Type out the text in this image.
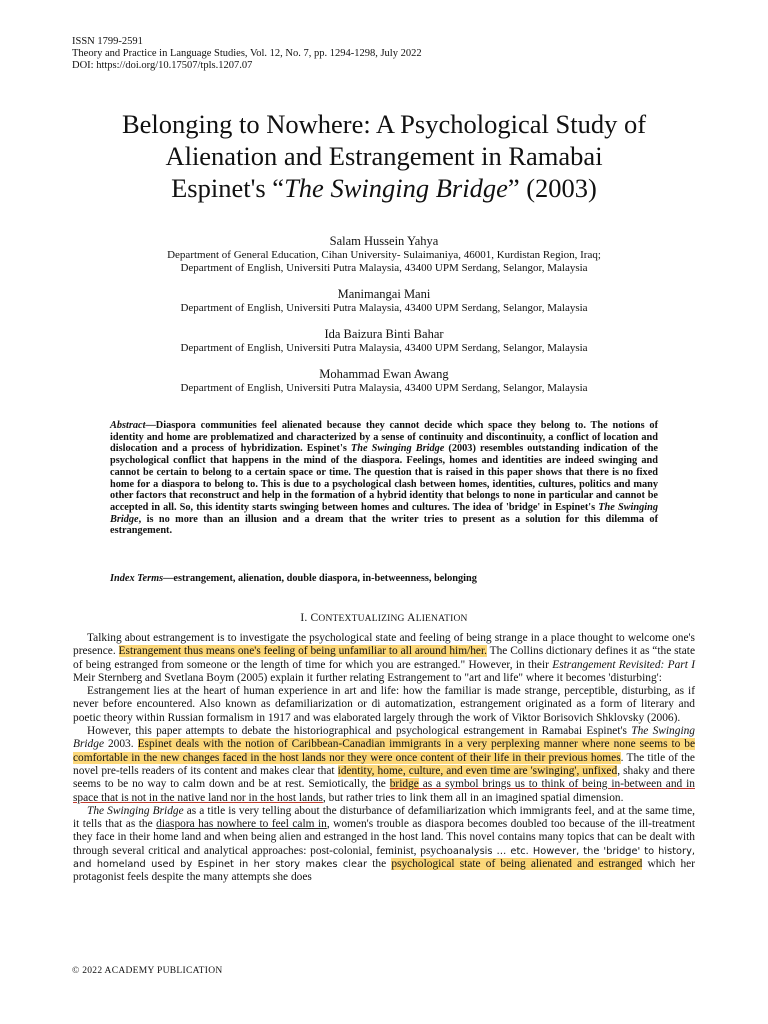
ISSN 1799-2591
Theory and Practice in Language Studies, Vol. 12, No. 7, pp. 1294-1298, July 2022
DOI: https://doi.org/10.17507/tpls.1207.07
Belonging to Nowhere: A Psychological Study of
Alienation and Estrangement in Ramabai
Espinet's “The Swinging Bridge” (2003)
Salam Hussein Yahya
Department of General Education, Cihan University- Sulaimaniya, 46001, Kurdistan Region, Iraq;
Department of English, Universiti Putra Malaysia, 43400 UPM Serdang, Selangor, Malaysia
Manimangai Mani
Department of English, Universiti Putra Malaysia, 43400 UPM Serdang, Selangor, Malaysia
Ida Baizura Binti Bahar
Department of English, Universiti Putra Malaysia, 43400 UPM Serdang, Selangor, Malaysia
Mohammad Ewan Awang
Department of English, Universiti Putra Malaysia, 43400 UPM Serdang, Selangor, Malaysia
Abstract—Diaspora communities feel alienated because they cannot decide which space they belong to. The notions of identity and home are problematized and characterized by a sense of continuity and discontinuity, a conflict of location and dislocation and a process of hybridization. Espinet's The Swinging Bridge (2003) resembles outstanding indication of the psychological conflict that happens in the mind of the diaspora. Feelings, homes and identities are indeed swinging and cannot be certain to belong to a certain space or time. The question that is raised in this paper shows that there is no fixed home for a diaspora to belong to. This is due to a psychological clash between homes, identities, cultures, politics and many other factors that reconstruct and help in the formation of a hybrid identity that belongs to none in particular and cannot be accepted in all. So, this identity starts swinging between homes and cultures. The idea of 'bridge' in Espinet's The Swinging Bridge, is no more than an illusion and a dream that the writer tries to present as a solution for this dilemma of estrangement.
Index Terms—estrangement, alienation, double diaspora, in-betweenness, belonging
I. CONTEXTUALIZING ALIENATION

Talking about estrangement is to investigate the psychological state and feeling of being strange in a place thought to welcome one's presence. Estrangement thus means one's feeling of being unfamiliar to all around him/her. The Collins dictionary defines it as “the state of being estranged from someone or the length of time for which you are estranged." However, in their Estrangement Revisited: Part I Meir Sternberg and Svetlana Boym (2005) explain it further relating Estrangement to "art and life" where it becomes 'disturbing':

Estrangement lies at the heart of human experience in art and life: how the familiar is made strange, perceptible, disturbing, as if never before encountered. Also known as defamiliarization or di automatization, estrangement originated as a form of literary and poetic theory within Russian formalism in 1917 and was elaborated largely through the work of Viktor Borisovich Shklovsky (2006).

However, this paper attempts to debate the historiographical and psychological estrangement in Ramabai Espinet's The Swinging Bridge 2003. Espinet deals with the notion of Caribbean-Canadian immigrants in a very perplexing manner where none seems to be comfortable in the new changes faced in the host lands nor they were once content of their life in their previous homes. The title of the novel pre-tells readers of its content and makes clear that identity, home, culture, and even time are 'swinging', unfixed, shaky and there seems to be no way to calm down and be at rest. Semiotically, the bridge as a symbol brings us to think of being in-between and in space that is not in the native land nor in the host lands, but rather tries to link them all in an imagined spatial dimension.

The Swinging Bridge as a title is very telling about the disturbance of defamiliarization which immigrants feel, and at the same time, it tells that as the diaspora has nowhere to feel calm in, women's trouble as diaspora becomes doubled too because of the ill-treatment they face in their home land and when being alien and estranged in the host land. This novel contains many topics that can be dealt with through several critical and analytical approaches: post-colonial, feminist, psychoanalysis … etc. However, the 'bridge' to history, and homeland used by Espinet in her story makes clear the psychological state of being alienated and estranged which her protagonist feels despite the many attempts she does

© 2022 ACADEMY PUBLICATION
